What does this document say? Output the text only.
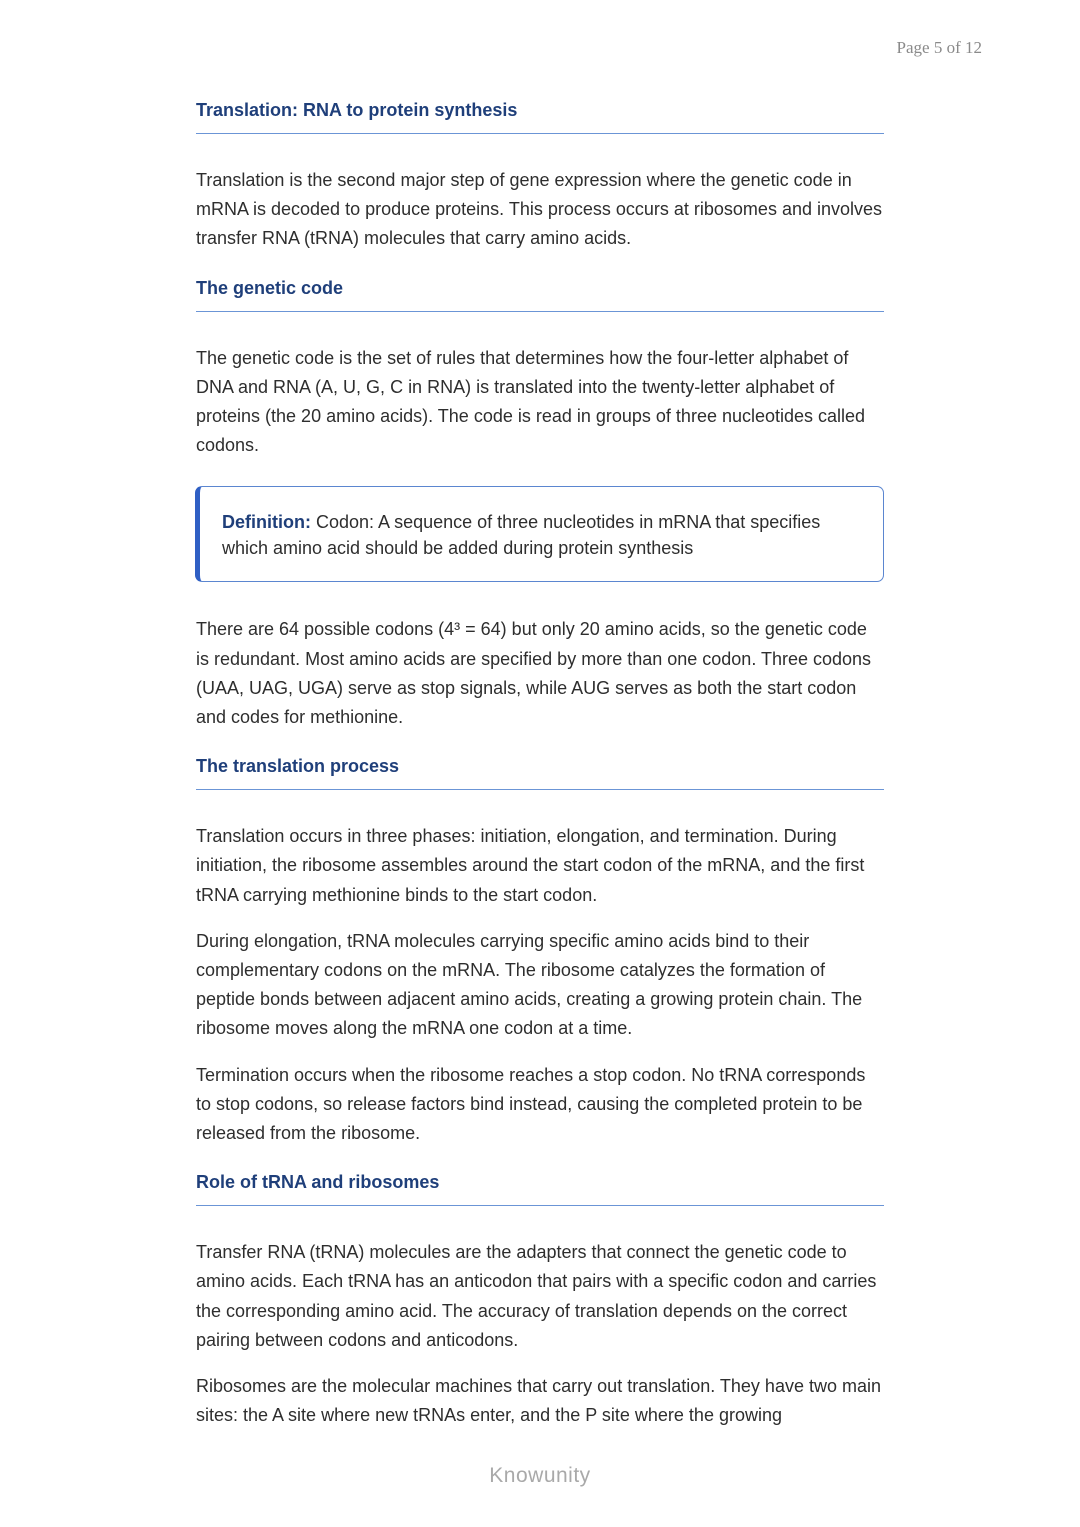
Page 5 of 12
Translation: RNA to protein synthesis

Translation is the second major step of gene expression where the genetic code in mRNA is decoded to produce proteins. This process occurs at ribosomes and involves transfer RNA (tRNA) molecules that carry amino acids.

The genetic code

The genetic code is the set of rules that determines how the four-letter alphabet of DNA and RNA (A, U, G, C in RNA) is translated into the twenty-letter alphabet of proteins (the 20 amino acids). The code is read in groups of three nucleotides called codons.

Definition: Codon: A sequence of three nucleotides in mRNA that specifies which amino acid should be added during protein synthesis

There are 64 possible codons (4³ = 64) but only 20 amino acids, so the genetic code is redundant. Most amino acids are specified by more than one codon. Three codons (UAA, UAG, UGA) serve as stop signals, while AUG serves as both the start codon and codes for methionine.

The translation process

Translation occurs in three phases: initiation, elongation, and termination. During initiation, the ribosome assembles around the start codon of the mRNA, and the first tRNA carrying methionine binds to the start codon.

During elongation, tRNA molecules carrying specific amino acids bind to their complementary codons on the mRNA. The ribosome catalyzes the formation of peptide bonds between adjacent amino acids, creating a growing protein chain. The ribosome moves along the mRNA one codon at a time.

Termination occurs when the ribosome reaches a stop codon. No tRNA corresponds to stop codons, so release factors bind instead, causing the completed protein to be released from the ribosome.

Role of tRNA and ribosomes

Transfer RNA (tRNA) molecules are the adapters that connect the genetic code to amino acids. Each tRNA has an anticodon that pairs with a specific codon and carries the corresponding amino acid. The accuracy of translation depends on the correct pairing between codons and anticodons.

Ribosomes are the molecular machines that carry out translation. They have two main sites: the A site where new tRNAs enter, and the P site where the growing

Knowunity
